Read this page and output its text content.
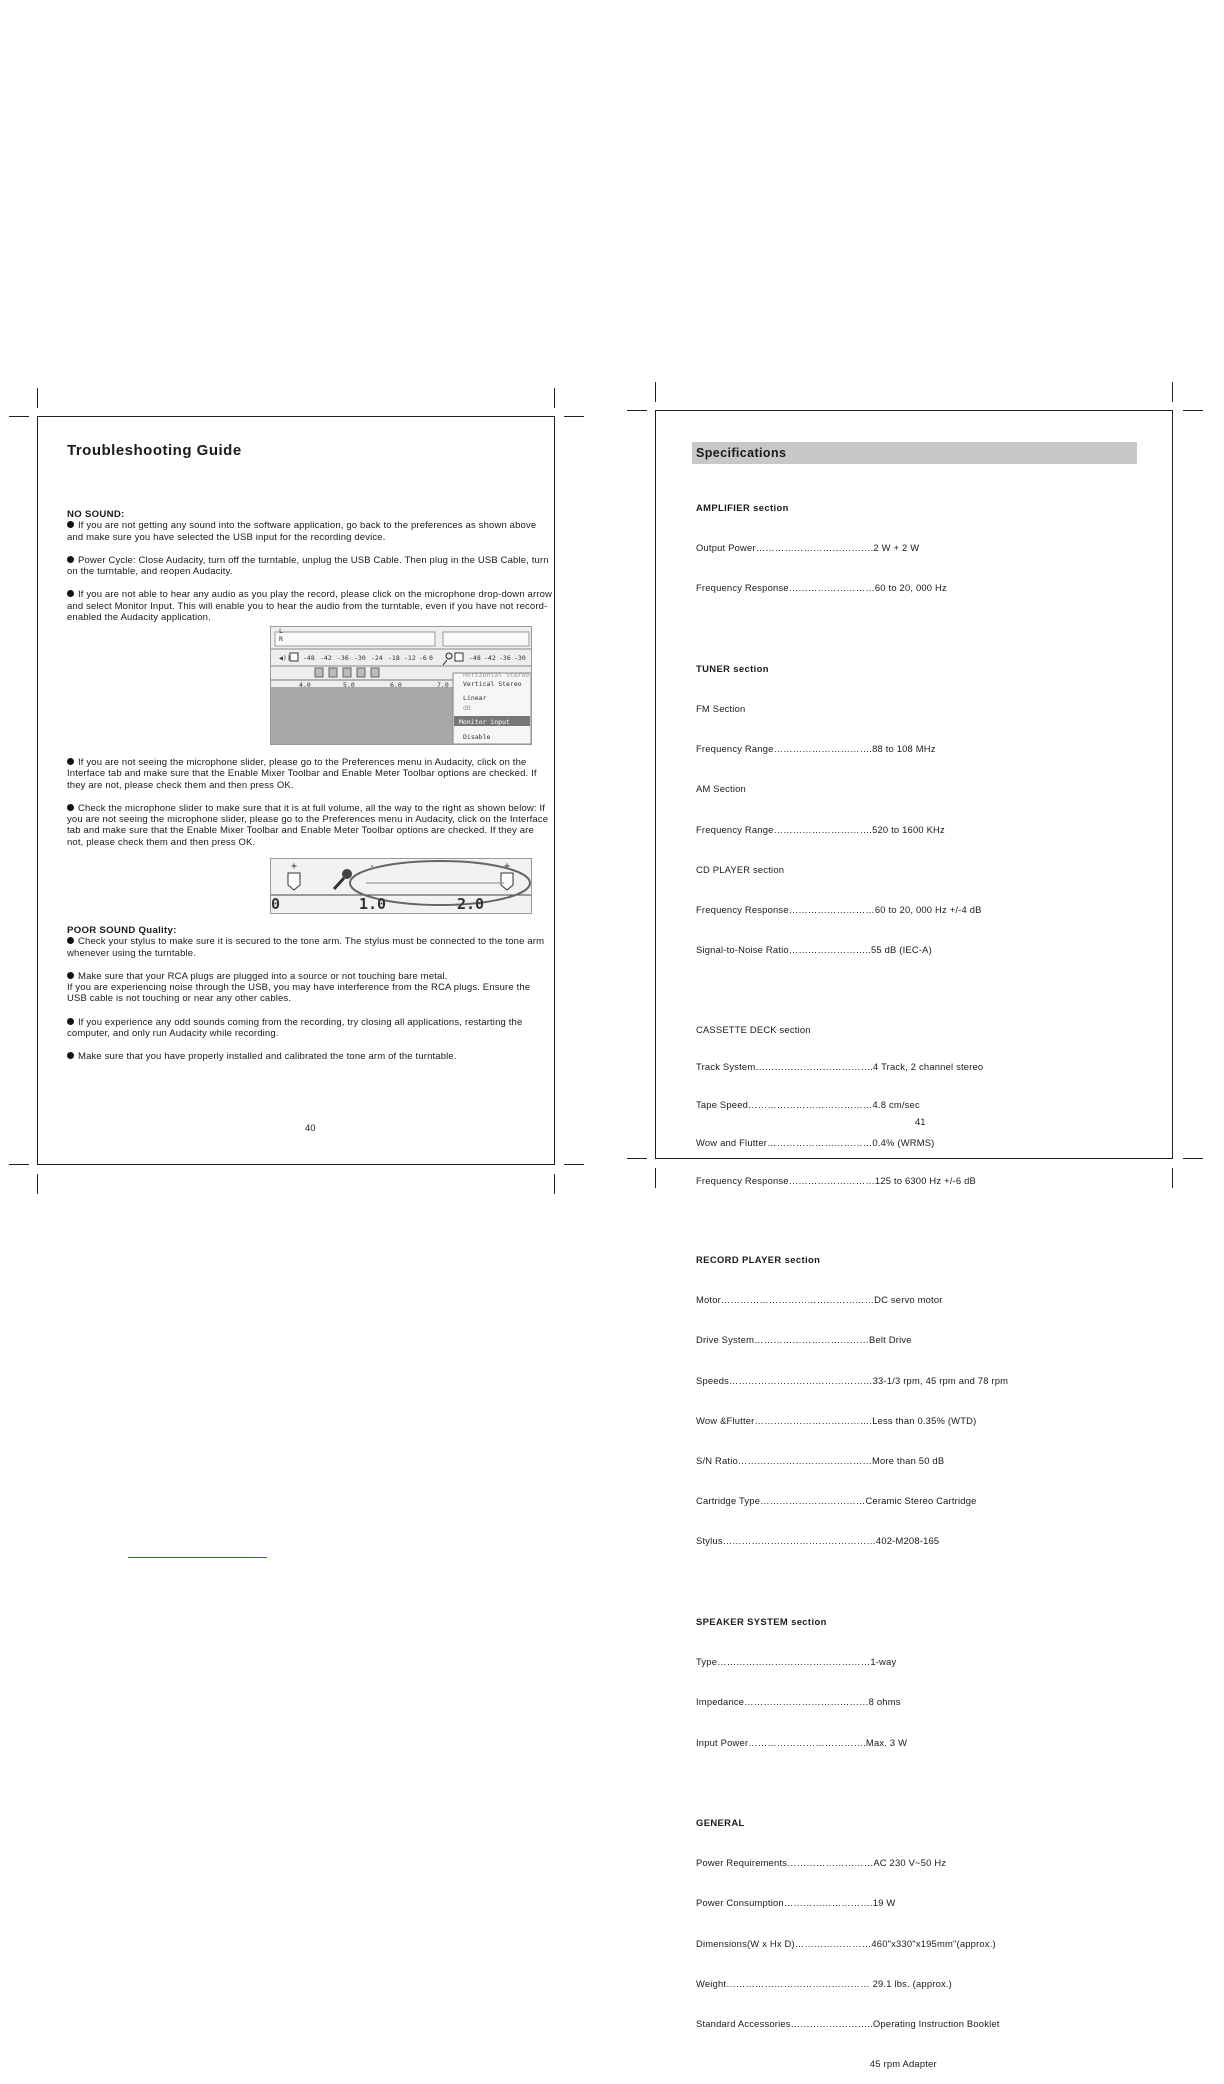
Troubleshooting Guide
NO SOUND:
If you are not getting any sound into the software application, go back to the preferences as shown above and make sure you have selected the USB input for the recording device.
Power Cycle: Close Audacity, turn off the turntable, unplug the USB Cable. Then plug in the USB Cable, turn on the turntable, and reopen Audacity.
If you are not able to hear any audio as you play the record, please click on the microphone drop-down arrow and select Monitor Input. This will enable you to hear the audio from the turntable, even if you have not record-enabled the Audacity application.
L
R
◀)) -48 -42 -36 -30 -24 -18 -12 -6 0	-48 -42 -36 -30
4.0	5.0	6.0	7.0
Horizontal Stereo
Vertical Stereo
Linear
dB
Monitor input
Disable
If you are not seeing the microphone slider, please go to the Preferences menu in Audacity, click on the Interface tab and make sure that the Enable Mixer Toolbar and Enable Meter Toolbar options are checked. If they are not, please check them and then press OK.
Check the microphone slider to make sure that it is at full volume, all the way to the right as shown below: If you are not seeing the microphone slider, please go to the Preferences menu in Audacity, click on the Interface tab and make sure that the Enable Mixer Toolbar and Enable Meter Toolbar options are checked. If they are not, please check them and then press OK.
+	-	+
0	1.0	2.0
POOR SOUND Quality:
Check your stylus to make sure it is secured to the tone arm. The stylus must be connected to the tone arm whenever using the turntable.
Make sure that your RCA plugs are plugged into a source or not touching bare metal.
If you are experiencing noise through the USB, you may have interference from the RCA plugs. Ensure the USB cable is not touching or near any other cables.
If you experience any odd sounds coming from the recording, try closing all applications, restarting the computer, and only run Audacity while recording.
Make sure that you have properly installed and calibrated the tone arm of the turntable.
40
Specifications

AMPLIFIER section

Output Power……………………………….2 W + 2 W

Frequency Response………………………60 to 20, 000 Hz

TUNER section

FM Section

Frequency Range………………………….88 to 108 MHz

AM Section

Frequency Range………………………….520 to 1600 KHz

CD PLAYER section

Frequency Response………………………60 to 20, 000 Hz +/-4 dB

Signal-to-Noise Ratio……………………..55 dB (IEC-A)

CASSETTE DECK section

Track System……………………………….4 Track, 2 channel stereo

Tape Speed…………………………………4.8 cm/sec

Wow and Flutter……………………………0.4% (WRMS)

Frequency Response………………………125 to 6300 Hz +/-6 dB

RECORD PLAYER section

Motor…………………………………………DC servo motor

Drive System………………………………Belt Drive

Speeds………………………………………33-1/3 rpm, 45 rpm and 78 rpm

Wow &Flutter……………………………….Less than 0.35% (WTD)

S/N Ratio……………………………………More than 50 dB

Cartridge Type……………………………Ceramic Stereo Cartridge

Stylus…………………………………………402-M208-165

SPEAKER SYSTEM section

Type…………………………………………1-way

Impedance…………………………………8 ohms

Input Power……………………………….Max. 3 W

GENERAL

Power Requirements………………………AC 230 V~50 Hz

Power Consumption……………………….19 W

Dimensions(W x Hx D)……………………460"x330"x195mm"(approx.)

Weight……………………………………… 29.1 lbs. (approx.)

Standard Accessories……………………..Operating Instruction Booklet

45 rpm Adapter

41
